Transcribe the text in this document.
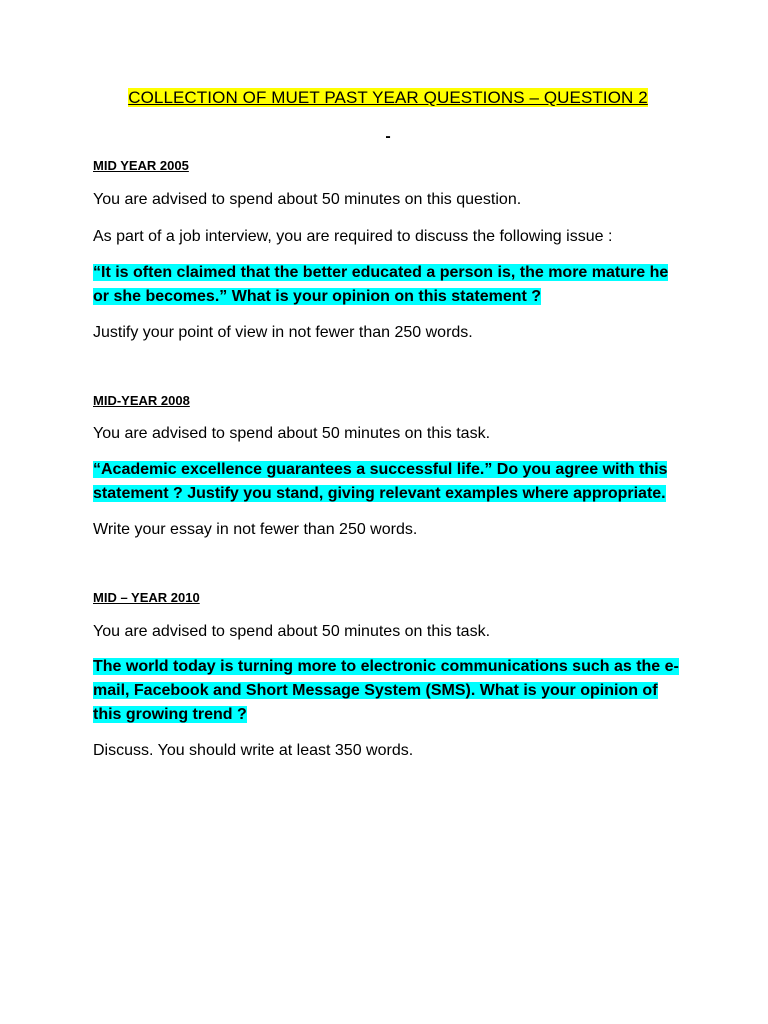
COLLECTION OF MUET PAST YEAR QUESTIONS – QUESTION 2
-
MID YEAR 2005
You are advised to spend about 50 minutes on this question.
As part of a job interview, you are required to discuss the following issue :
“It is often claimed that the better educated a person is, the more mature he or she becomes.” What is your opinion on this statement ?
Justify your point of view in not fewer than 250 words.
MID-YEAR 2008
You are advised to spend about 50 minutes on this task.
“Academic excellence guarantees a successful life.” Do you agree with this statement ? Justify you stand, giving relevant examples where appropriate.
Write your essay in not fewer than 250 words.
MID – YEAR 2010
You are advised to spend about 50 minutes on this task.
The world today is turning more to electronic communications such as the e-mail, Facebook and Short Message System (SMS). What is your opinion of this growing trend ?
Discuss. You should write at least 350 words.
